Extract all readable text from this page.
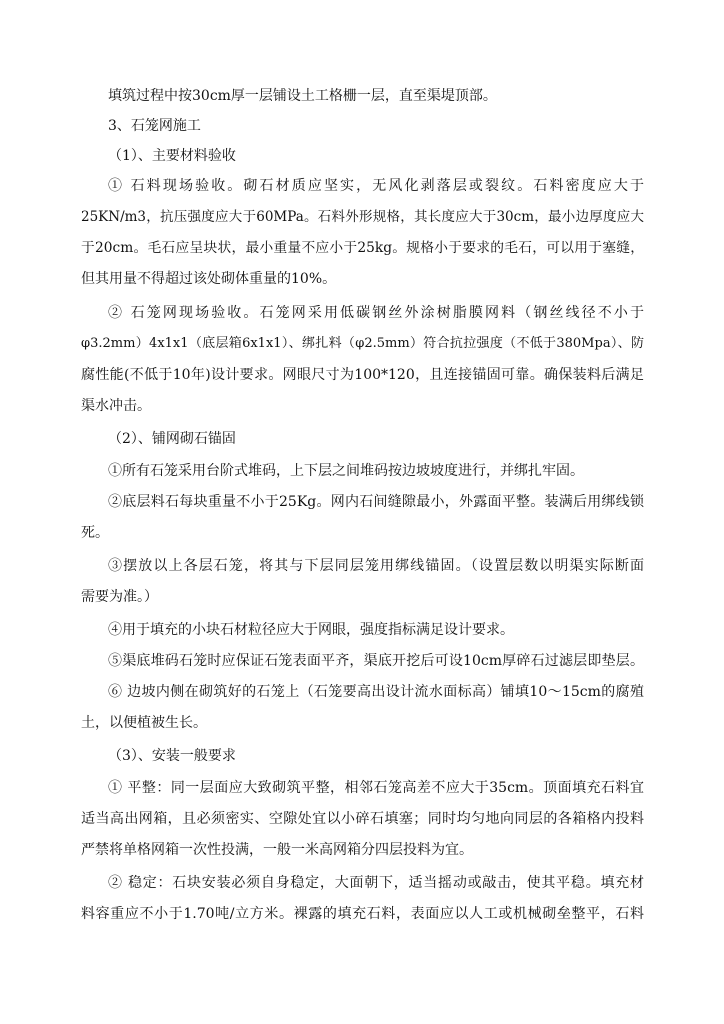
填筑过程中按30cm厚一层铺设土工格栅一层，直至渠堤顶部。
3、石笼网施工
（1）、主要材料验收
① 石料现场验收。砌石材质应坚实，无风化剥落层或裂纹。石料密度应大于
25KN/m3，抗压强度应大于60MPa。石料外形规格，其长度应大于30cm，最小边厚度应大
于20cm。毛石应呈块状，最小重量不应小于25kg。规格小于要求的毛石，可以用于塞缝，
但其用量不得超过该处砌体重量的10%。
② 石笼网现场验收。石笼网采用低碳钢丝外涂树脂膜网料（钢丝线径不小于
φ3.2mm）4x1x1（底层箱6x1x1）、绑扎料（φ2.5mm）符合抗拉强度（不低于380Mpa）、防
腐性能(不低于10年)设计要求。网眼尺寸为100*120，且连接锚固可靠。确保装料后满足
渠水冲击。
（2）、铺网砌石锚固
①所有石笼采用台阶式堆码，上下层之间堆码按边坡坡度进行，并绑扎牢固。
②底层料石每块重量不小于25Kg。网内石间缝隙最小，外露面平整。装满后用绑线锁
死。
③摆放以上各层石笼，将其与下层同层笼用绑线锚固。（设置层数以明渠实际断面
需要为准。）
④用于填充的小块石材粒径应大于网眼，强度指标满足设计要求。
⑤渠底堆码石笼时应保证石笼表面平齐，渠底开挖后可设10cm厚碎石过滤层即垫层。
⑥ 边坡内侧在砌筑好的石笼上（石笼要高出设计流水面标高）铺填10～15cm的腐殖
土，以便植被生长。
（3）、安装一般要求
① 平整：同一层面应大致砌筑平整，相邻石笼高差不应大于35cm。顶面填充石料宜
适当高出网箱，且必须密实、空隙处宜以小碎石填塞；同时均匀地向同层的各箱格内投料
严禁将单格网箱一次性投满，一般一米高网箱分四层投料为宜。
② 稳定：石块安装必须自身稳定，大面朝下，适当摇动或敲击，使其平稳。填充材
料容重应不小于1.70吨/立方米。裸露的填充石料，表面应以人工或机械砌垒整平，石料
